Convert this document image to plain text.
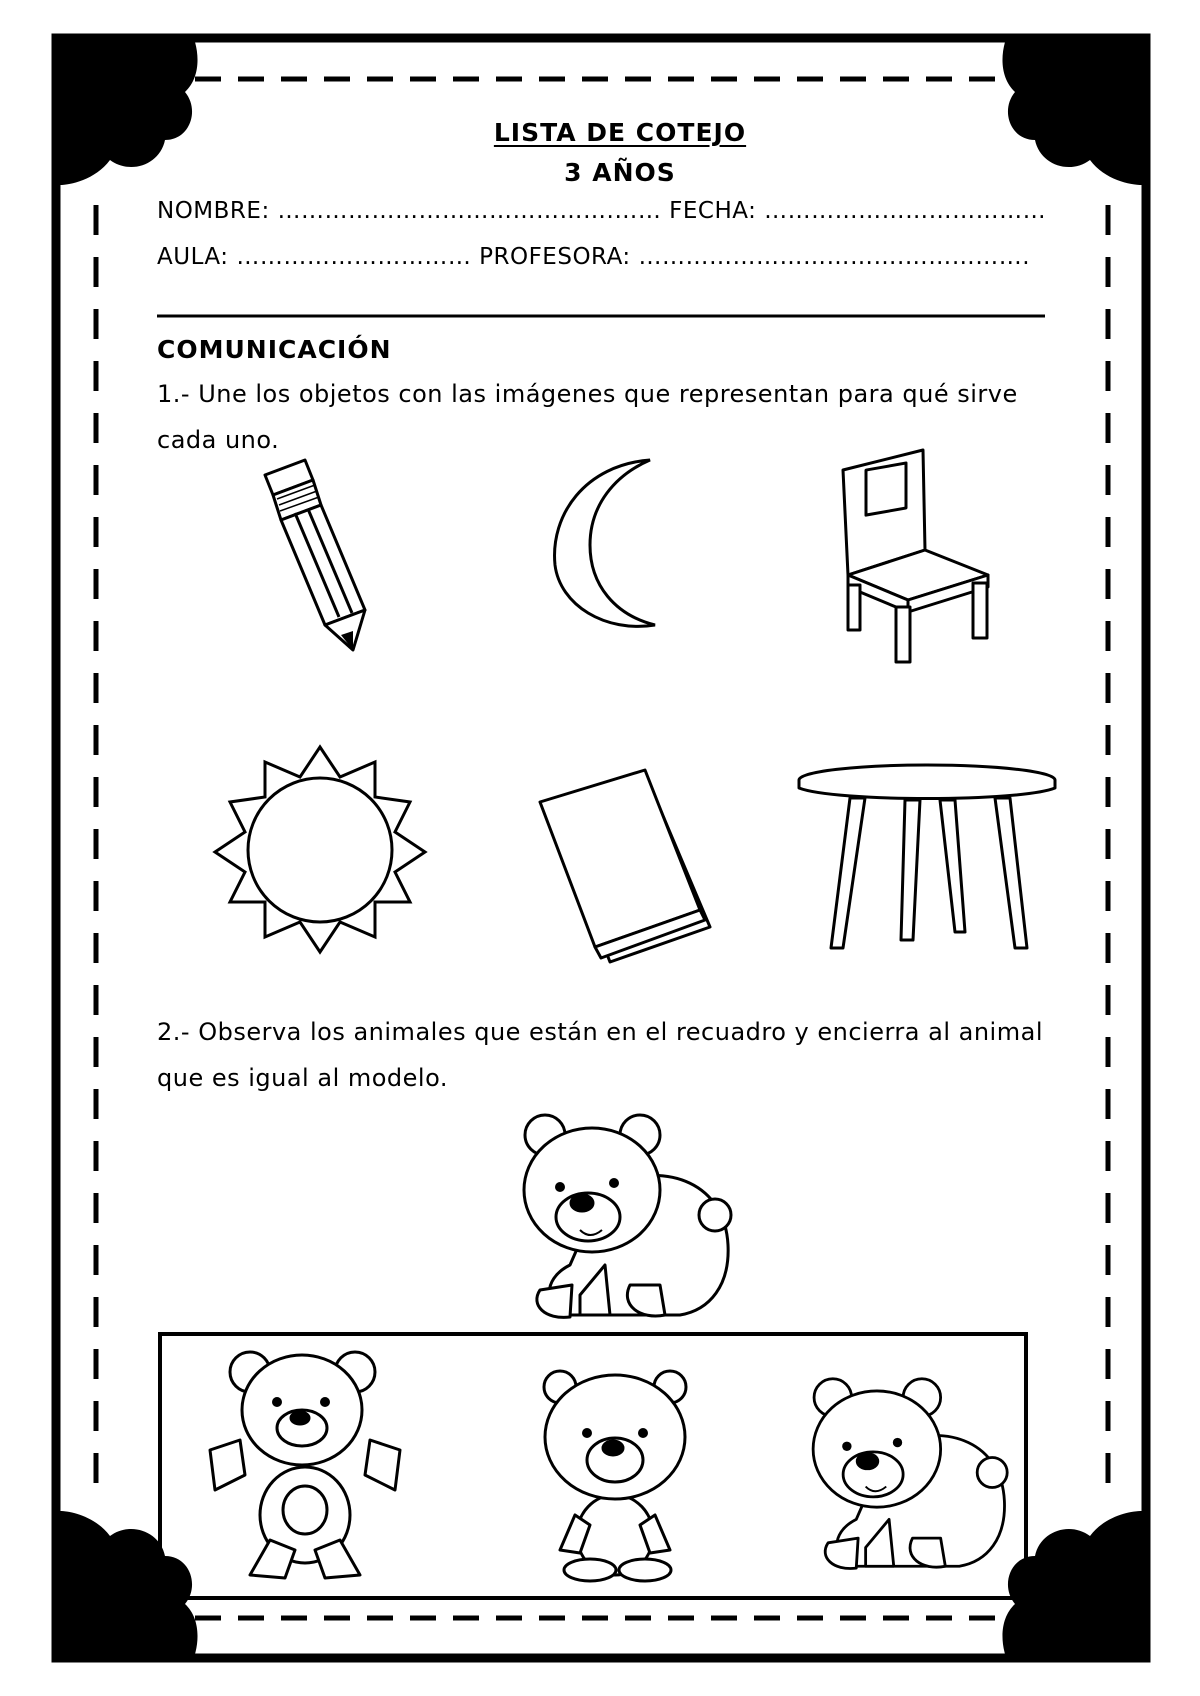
LISTA DE COTEJO
3 AÑOS
NOMBRE: …………………………………….…… FECHA: ………………………………
AULA: ………………………… PROFESORA: …………………………….…………….
COMUNICACIÓN
1.- Une los objetos con las imágenes que representan para qué sirve
cada uno.
2.- Observa los animales que están en el recuadro y encierra al animal
que es igual al modelo.
